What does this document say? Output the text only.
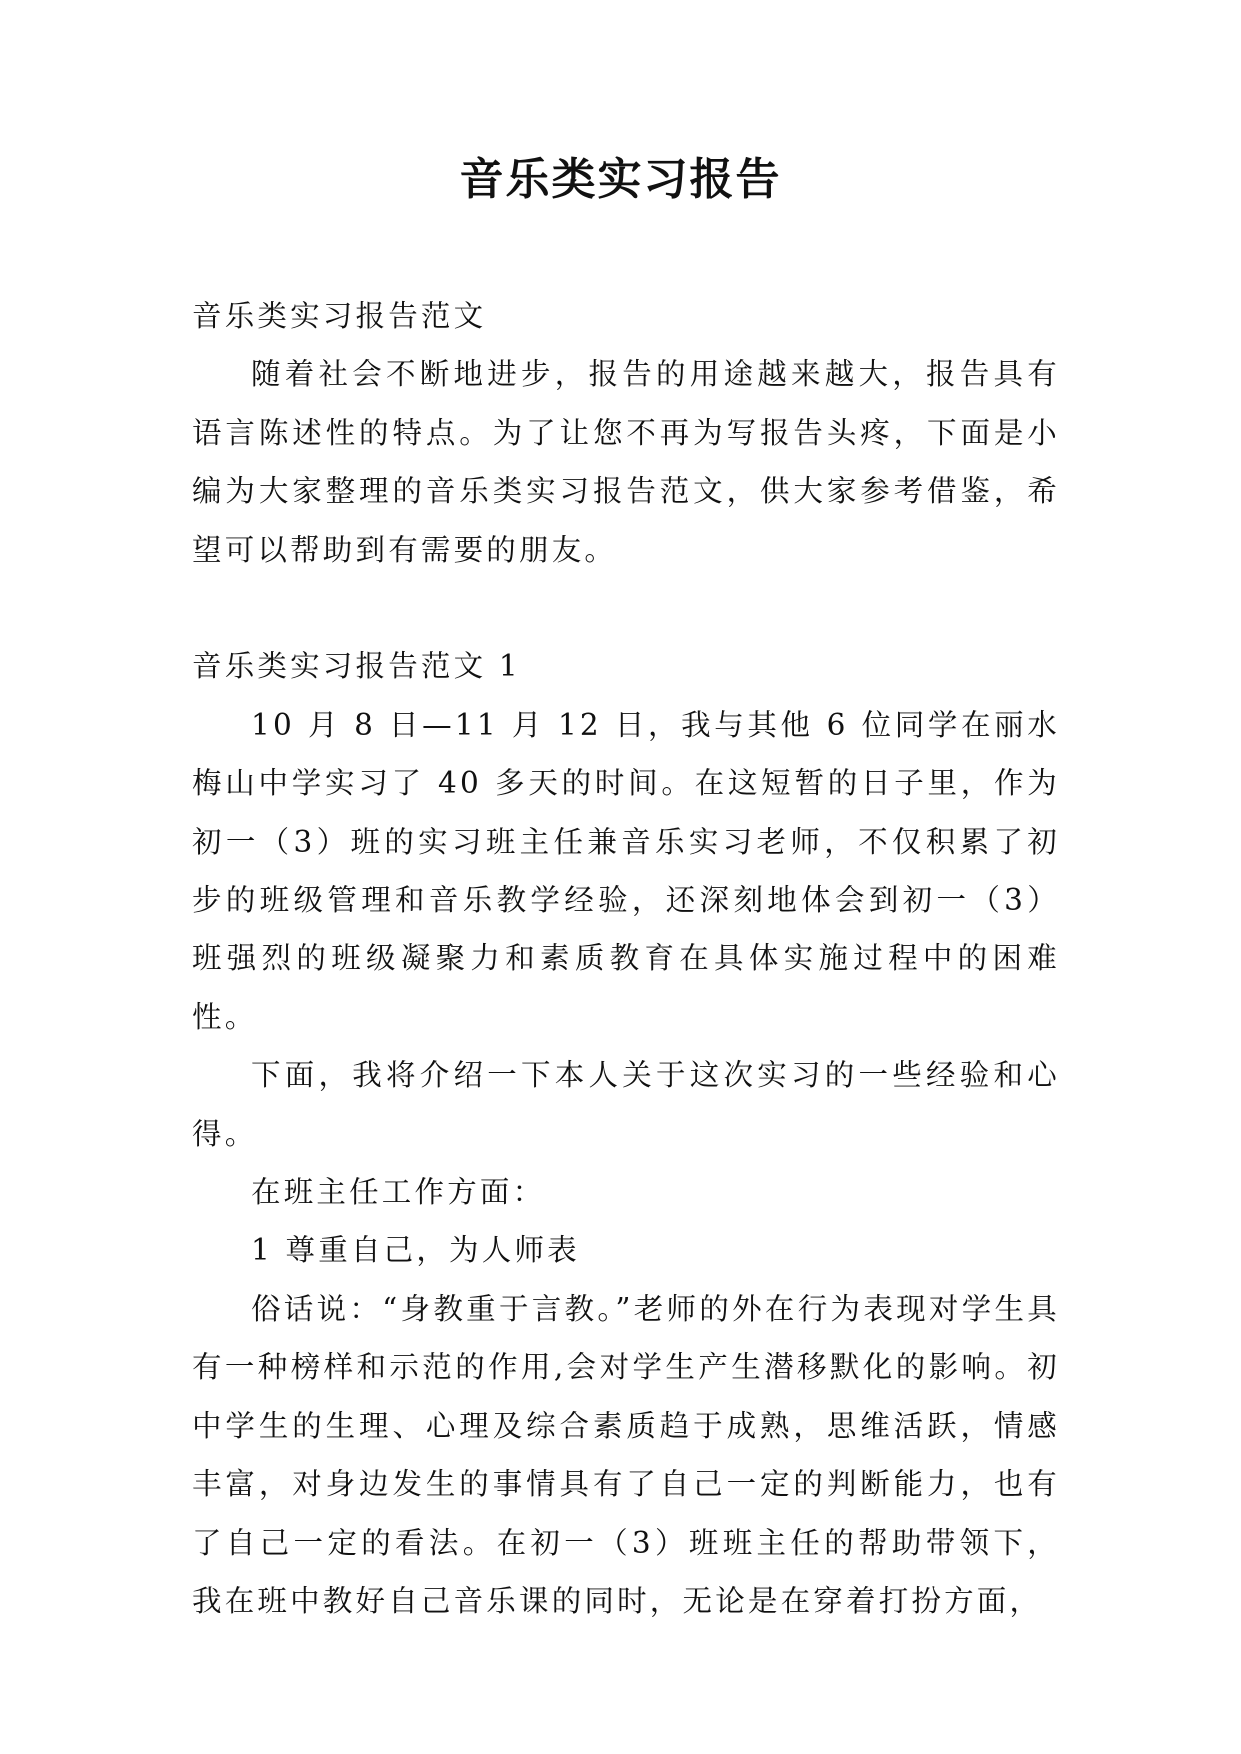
音乐类实习报告

音乐类实习报告范文

随着社会不断地进步，报告的用途越来越大，报告具有语言陈述性的特点。为了让您不再为写报告头疼，下面是小编为大家整理的音乐类实习报告范文，供大家参考借鉴，希望可以帮助到有需要的朋友。

音乐类实习报告范文 1

10 月 8 日—11 月 12 日，我与其他 6 位同学在丽水梅山中学实习了 40 多天的时间。在这短暂的日子里，作为初一（3）班的实习班主任兼音乐实习老师，不仅积累了初步的班级管理和音乐教学经验，还深刻地体会到初一（3）班强烈的班级凝聚力和素质教育在具体实施过程中的困难性。

下面，我将介绍一下本人关于这次实习的一些经验和心得。

在班主任工作方面：

1 尊重自己，为人师表

俗话说：“身教重于言教。”老师的外在行为表现对学生具有一种榜样和示范的作用,会对学生产生潜移默化的影响。初中学生的生理、心理及综合素质趋于成熟，思维活跃，情感丰富，对身边发生的事情具有了自己一定的判断能力，也有了自己一定的看法。在初一（3）班班主任的帮助带领下，我在班中教好自己音乐课的同时，无论是在穿着打扮方面，
